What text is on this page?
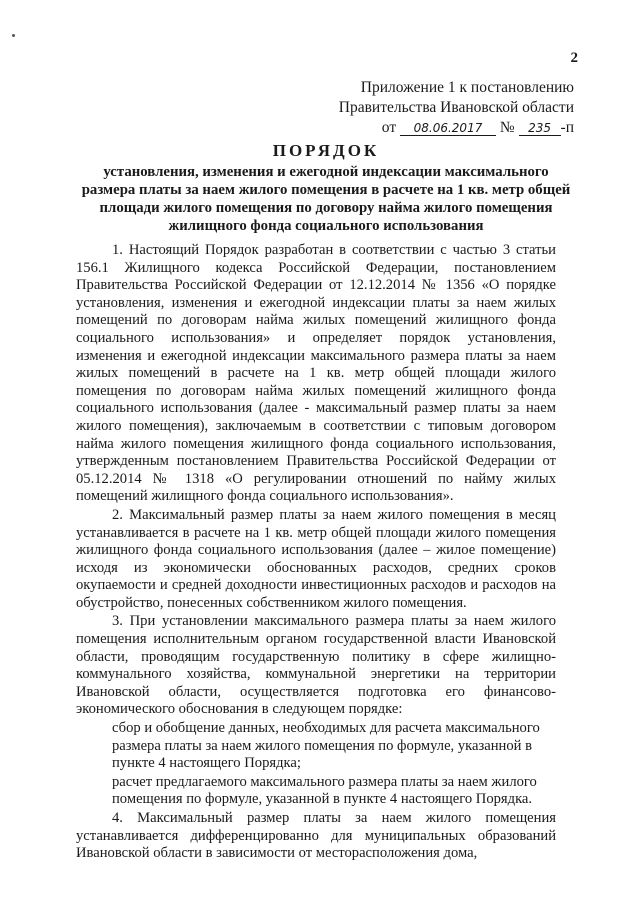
2
Приложение 1 к постановлению
Правительства Ивановской области
от 08.06.2017 № 235 -п
ПОРЯДОК
установления, изменения и ежегодной индексации максимального размера платы за наем жилого помещения в расчете на 1 кв. метр общей площади жилого помещения по договору найма жилого помещения жилищного фонда социального использования

1. Настоящий Порядок разработан в соответствии с частью 3 статьи 156.1 Жилищного кодекса Российской Федерации, постановлением Правительства Российской Федерации от 12.12.2014 № 1356 «О порядке установления, изменения и ежегодной индексации платы за наем жилых помещений по договорам найма жилых помещений жилищного фонда социального использования» и определяет порядок установления, изменения и ежегодной индексации максимального размера платы за наем жилых помещений в расчете на 1 кв. метр общей площади жилого помещения по договорам найма жилых помещений жилищного фонда социального использования (далее - максимальный размер платы за наем жилого помещения), заключаемым в соответствии с типовым договором найма жилого помещения жилищного фонда социального использования, утвержденным постановлением Правительства Российской Федерации от 05.12.2014 № 1318 «О регулировании отношений по найму жилых помещений жилищного фонда социального использования».

2. Максимальный размер платы за наем жилого помещения в месяц устанавливается в расчете на 1 кв. метр общей площади жилого помещения жилищного фонда социального использования (далее – жилое помещение) исходя из экономически обоснованных расходов, средних сроков окупаемости и средней доходности инвестиционных расходов и расходов на обустройство, понесенных собственником жилого помещения.

3. При установлении максимального размера платы за наем жилого помещения исполнительным органом государственной власти Ивановской области, проводящим государственную политику в сфере жилищно-коммунального хозяйства, коммунальной энергетики на территории Ивановской области, осуществляется подготовка его финансово-экономического обоснования в следующем порядке:

сбор и обобщение данных, необходимых для расчета максимального размера платы за наем жилого помещения по формуле, указанной в пункте 4 настоящего Порядка;

расчет предлагаемого максимального размера платы за наем жилого помещения по формуле, указанной в пункте 4 настоящего Порядка.

4. Максимальный размер платы за наем жилого помещения устанавливается дифференцированно для муниципальных образований Ивановской области в зависимости от месторасположения дома,
